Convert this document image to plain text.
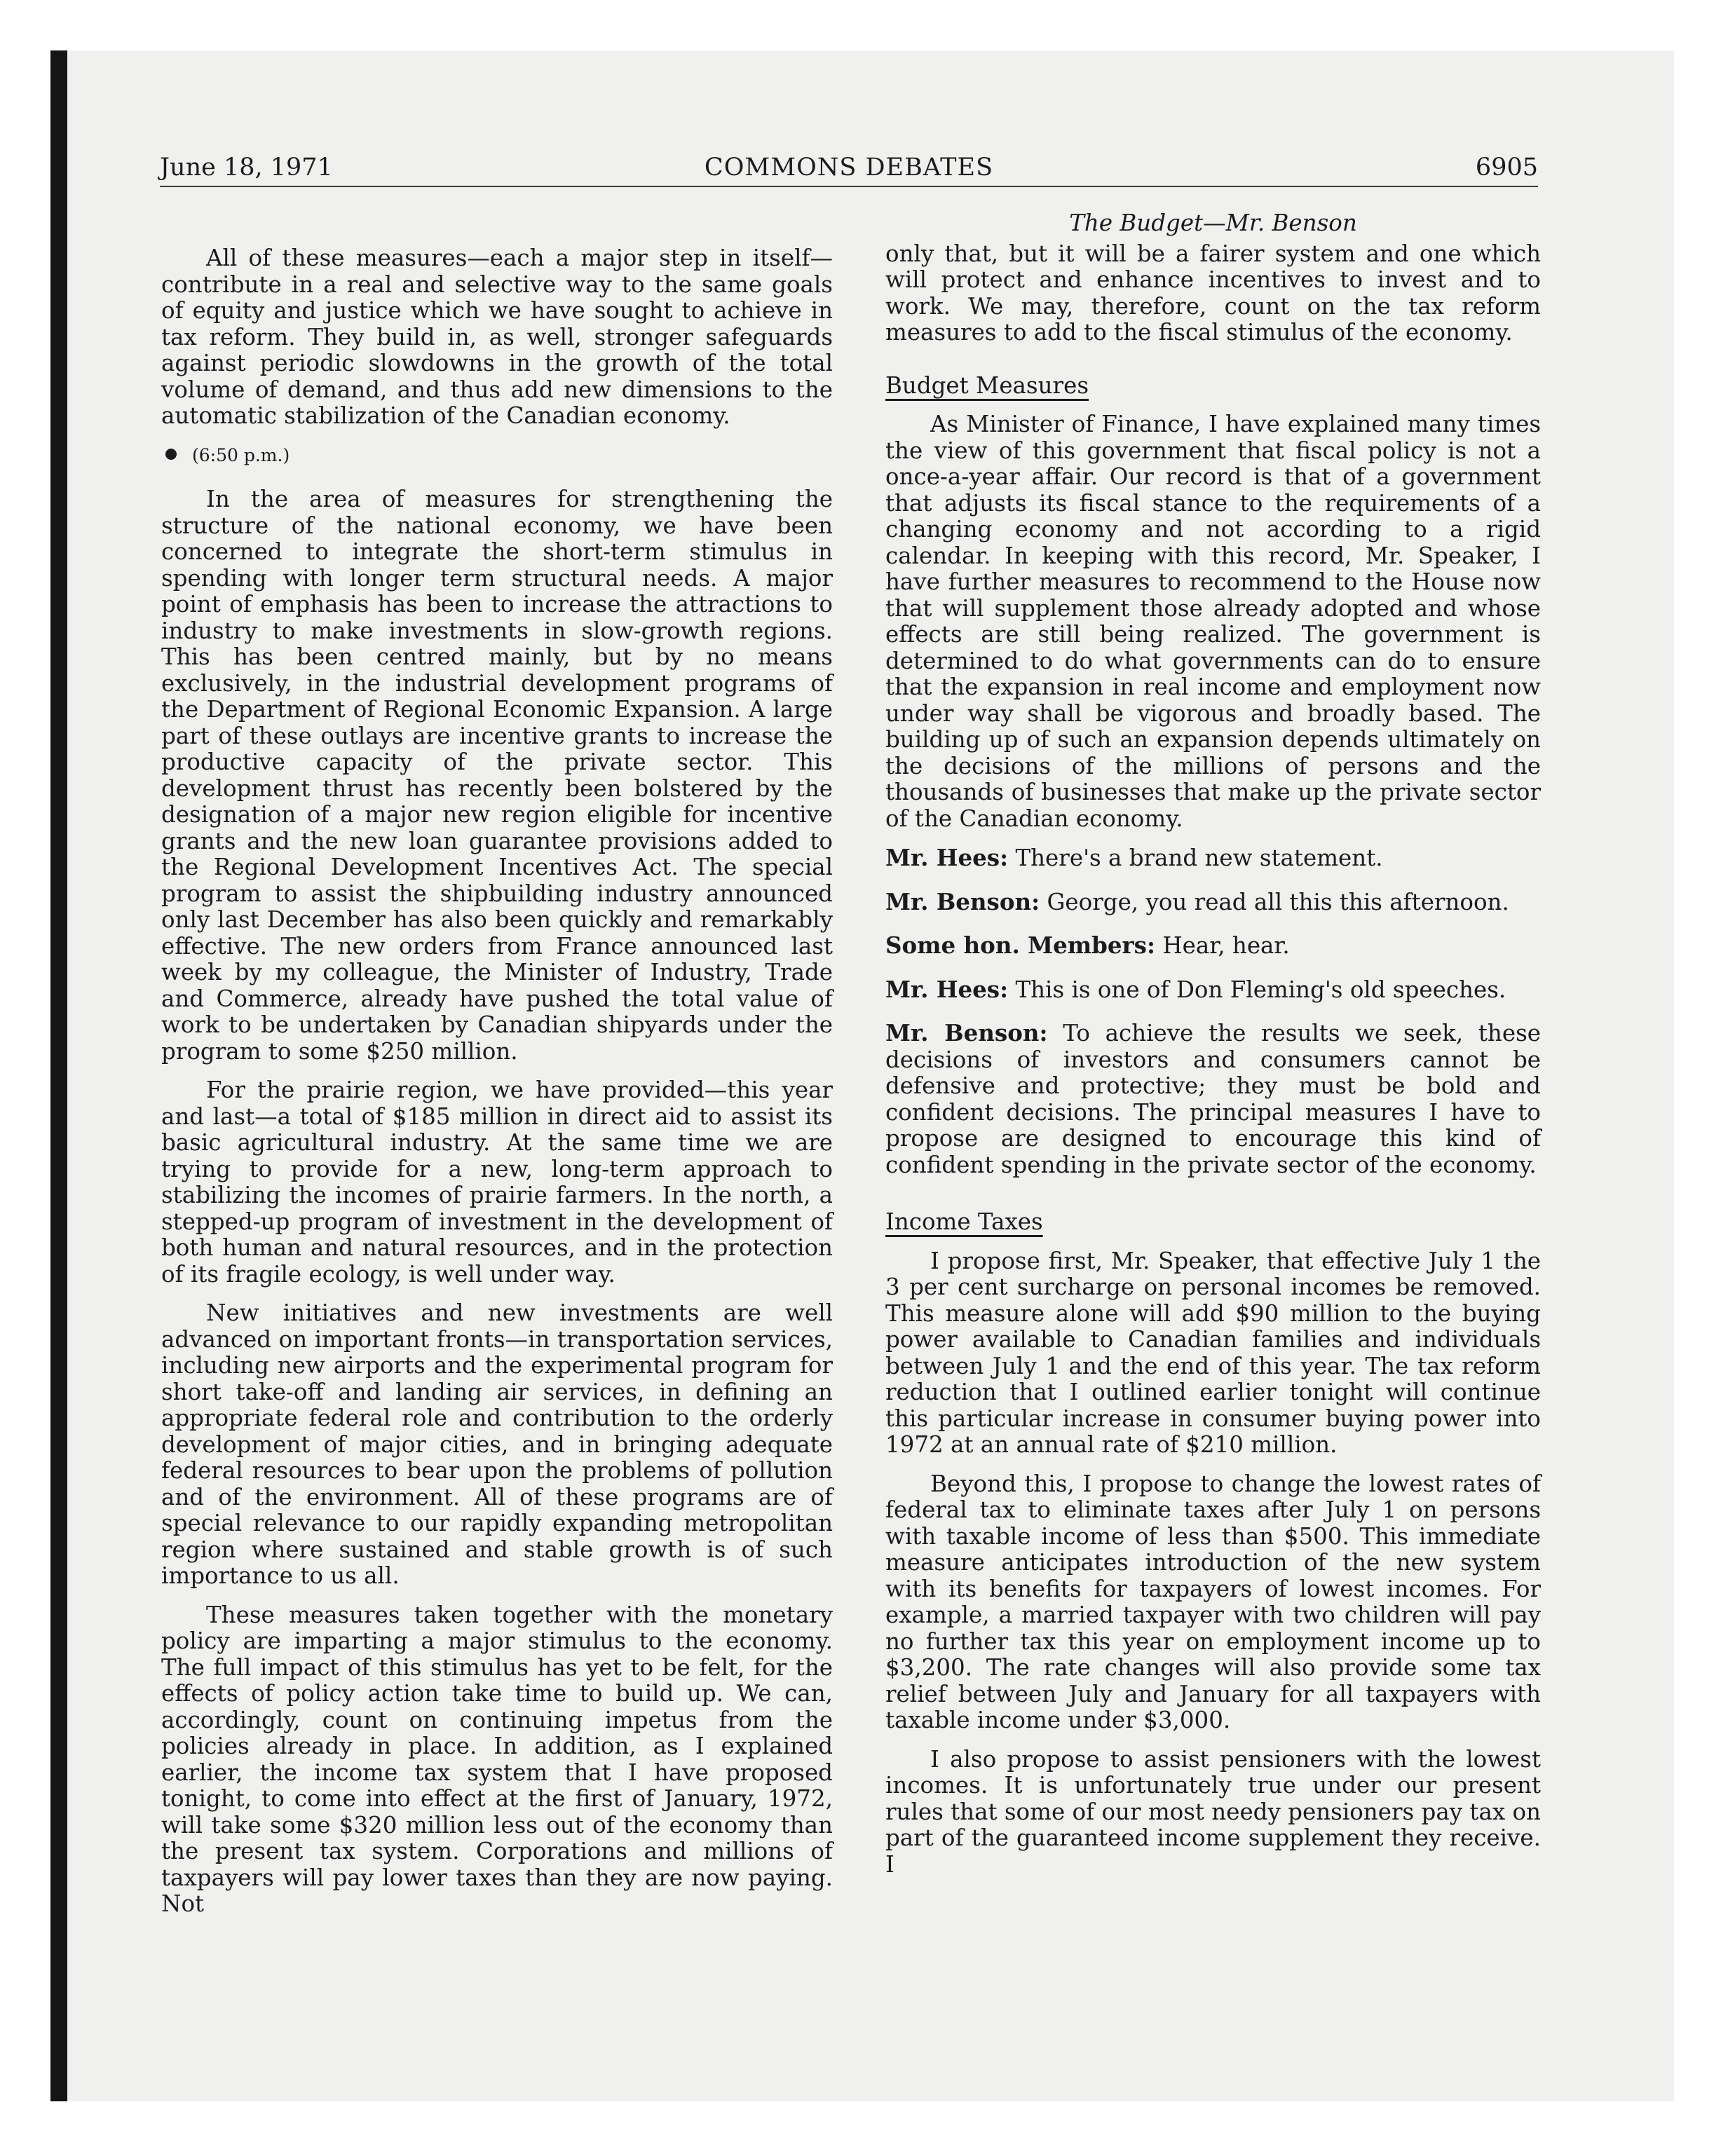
June 18, 1971	COMMONS DEBATES	6905

All of these measures—each a major step in itself—contribute in a real and selective way to the same goals of equity and justice which we have sought to achieve in tax reform. They build in, as well, stronger safeguards against periodic slowdowns in the growth of the total volume of demand, and thus add new dimensions to the automatic stabilization of the Canadian economy.

(6:50 p.m.)

In the area of measures for strengthening the structure of the national economy, we have been concerned to integrate the short-term stimulus in spending with longer term structural needs. A major point of emphasis has been to increase the attractions to industry to make investments in slow-growth regions. This has been centred mainly, but by no means exclusively, in the industrial development programs of the Department of Regional Economic Expansion. A large part of these outlays are incentive grants to increase the productive capacity of the private sector. This development thrust has recently been bolstered by the designation of a major new region eligible for incentive grants and the new loan guarantee provisions added to the Regional Development Incentives Act. The special program to assist the shipbuilding industry announced only last December has also been quickly and remarkably effective. The new orders from France announced last week by my colleague, the Minister of Industry, Trade and Commerce, already have pushed the total value of work to be undertaken by Canadian shipyards under the program to some $250 million.

For the prairie region, we have provided—this year and last—a total of $185 million in direct aid to assist its basic agricultural industry. At the same time we are trying to provide for a new, long-term approach to stabilizing the incomes of prairie farmers. In the north, a stepped-up program of investment in the development of both human and natural resources, and in the protection of its fragile ecology, is well under way.

New initiatives and new investments are well advanced on important fronts—in transportation services, including new airports and the experimental program for short take-off and landing air services, in defining an appropriate federal role and contribution to the orderly development of major cities, and in bringing adequate federal resources to bear upon the problems of pollution and of the environment. All of these programs are of special relevance to our rapidly expanding metropolitan region where sustained and stable growth is of such importance to us all.

These measures taken together with the monetary policy are imparting a major stimulus to the economy. The full impact of this stimulus has yet to be felt, for the effects of policy action take time to build up. We can, accordingly, count on continuing impetus from the policies already in place. In addition, as I explained earlier, the income tax system that I have proposed tonight, to come into effect at the first of January, 1972, will take some $320 million less out of the economy than the present tax system. Corporations and millions of taxpayers will pay lower taxes than they are now paying. Not

The Budget—Mr. Benson

only that, but it will be a fairer system and one which will protect and enhance incentives to invest and to work. We may, therefore, count on the tax reform measures to add to the fiscal stimulus of the economy.

Budget Measures

As Minister of Finance, I have explained many times the view of this government that fiscal policy is not a once-a-year affair. Our record is that of a government that adjusts its fiscal stance to the requirements of a changing economy and not according to a rigid calendar. In keeping with this record, Mr. Speaker, I have further measures to recommend to the House now that will supplement those already adopted and whose effects are still being realized. The government is determined to do what governments can do to ensure that the expansion in real income and employment now under way shall be vigorous and broadly based. The building up of such an expansion depends ultimately on the decisions of the millions of persons and the thousands of businesses that make up the private sector of the Canadian economy.

Mr. Hees: There's a brand new statement.

Mr. Benson: George, you read all this this afternoon.

Some hon. Members: Hear, hear.

Mr. Hees: This is one of Don Fleming's old speeches.

Mr. Benson: To achieve the results we seek, these decisions of investors and consumers cannot be defensive and protective; they must be bold and confident decisions. The principal measures I have to propose are designed to encourage this kind of confident spending in the private sector of the economy.

Income Taxes

I propose first, Mr. Speaker, that effective July 1 the 3 per cent surcharge on personal incomes be removed. This measure alone will add $90 million to the buying power available to Canadian families and individuals between July 1 and the end of this year. The tax reform reduction that I outlined earlier tonight will continue this particular increase in consumer buying power into 1972 at an annual rate of $210 million.

Beyond this, I propose to change the lowest rates of federal tax to eliminate taxes after July 1 on persons with taxable income of less than $500. This immediate measure anticipates introduction of the new system with its benefits for taxpayers of lowest incomes. For example, a married taxpayer with two children will pay no further tax this year on employment income up to $3,200. The rate changes will also provide some tax relief between July and January for all taxpayers with taxable income under $3,000.

I also propose to assist pensioners with the lowest incomes. It is unfortunately true under our present rules that some of our most needy pensioners pay tax on part of the guaranteed income supplement they receive. I
